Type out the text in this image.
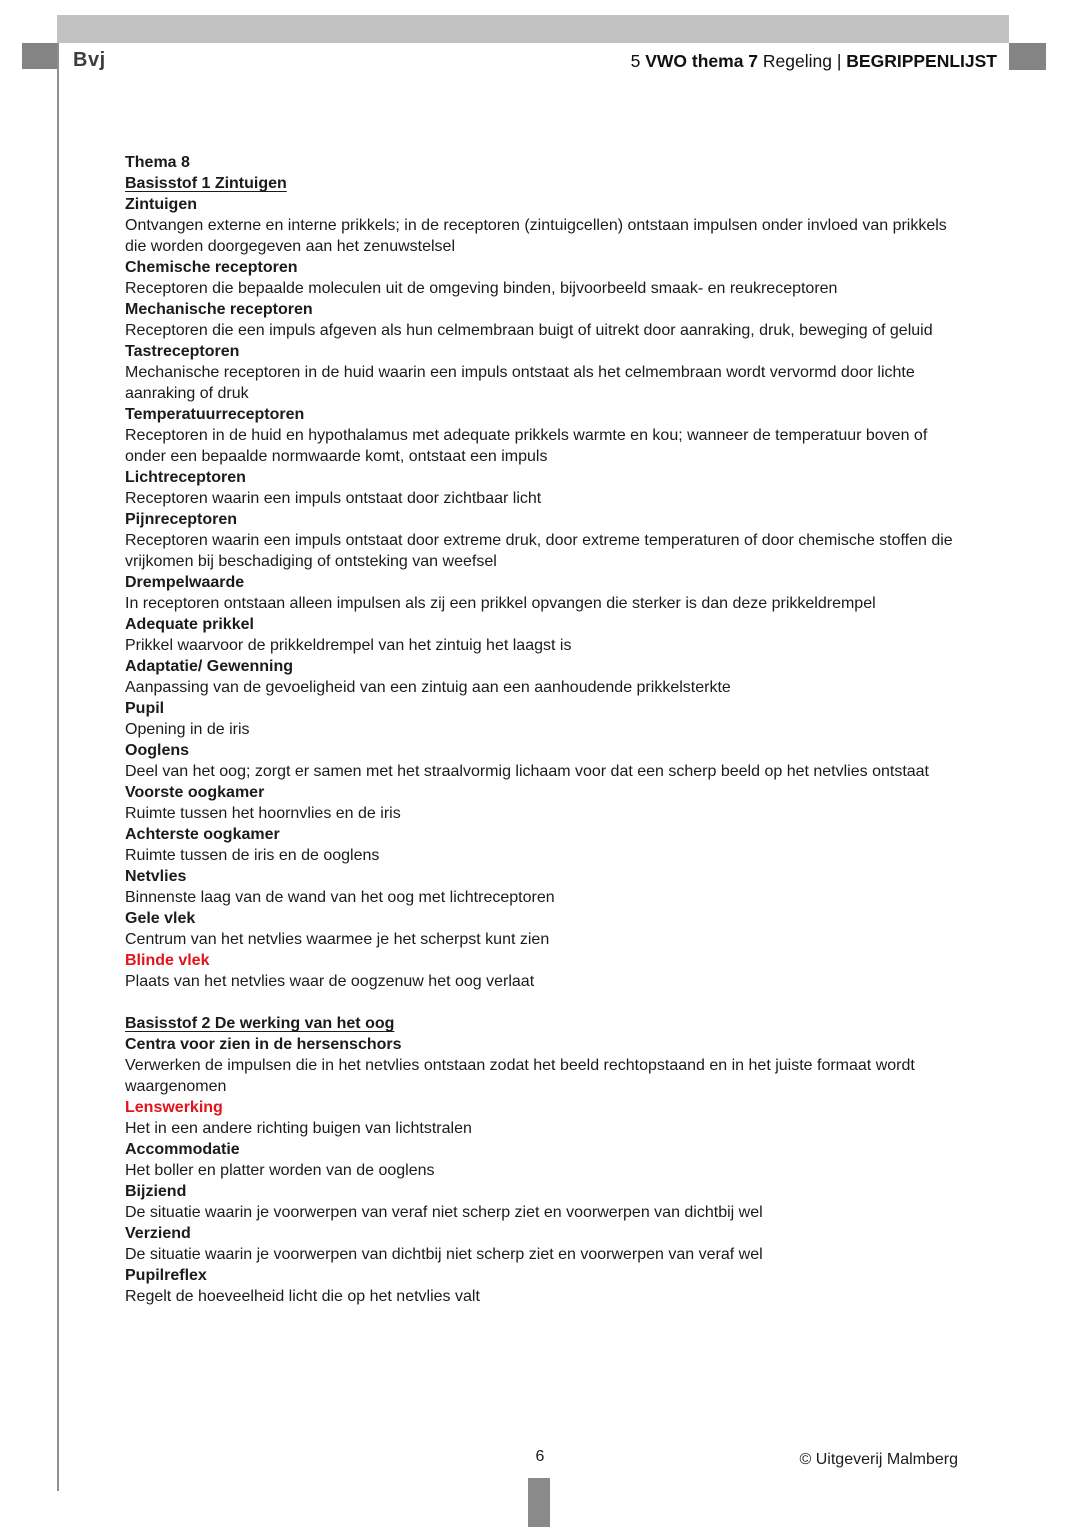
Bvj	5 VWO thema 7 Regeling | BEGRIPPENLIJST
Thema 8
Basisstof 1 Zintuigen
Zintuigen
Ontvangen externe en interne prikkels; in de receptoren (zintuigcellen) ontstaan impulsen onder invloed van prikkels die worden doorgegeven aan het zenuwstelsel
Chemische receptoren
Receptoren die bepaalde moleculen uit de omgeving binden, bijvoorbeeld smaak- en reukreceptoren
Mechanische receptoren
Receptoren die een impuls afgeven als hun celmembraan buigt of uitrekt door aanraking, druk, beweging of geluid
Tastreceptoren
Mechanische receptoren in de huid waarin een impuls ontstaat als het celmembraan wordt vervormd door lichte aanraking of druk
Temperatuurreceptoren
Receptoren in de huid en hypothalamus met adequate prikkels warmte en kou; wanneer de temperatuur boven of onder een bepaalde normwaarde komt, ontstaat een impuls
Lichtreceptoren
Receptoren waarin een impuls ontstaat door zichtbaar licht
Pijnreceptoren
Receptoren waarin een impuls ontstaat door extreme druk, door extreme temperaturen of door chemische stoffen die vrijkomen bij beschadiging of ontsteking van weefsel
Drempelwaarde
In receptoren ontstaan alleen impulsen als zij een prikkel opvangen die sterker is dan deze prikkeldrempel
Adequate prikkel
Prikkel waarvoor de prikkeldrempel van het zintuig het laagst is
Adaptatie/ Gewenning
Aanpassing van de gevoeligheid van een zintuig aan een aanhoudende prikkelsterkte
Pupil
Opening in de iris
Ooglens
Deel van het oog; zorgt er samen met het straalvormig lichaam voor dat een scherp beeld op het netvlies ontstaat
Voorste oogkamer
Ruimte tussen het hoornvlies en de iris
Achterste oogkamer
Ruimte tussen de iris en de ooglens
Netvlies
Binnenste laag van de wand van het oog met lichtreceptoren
Gele vlek
Centrum van het netvlies waarmee je het scherpst kunt zien
Blinde vlek
Plaats van het netvlies waar de oogzenuw het oog verlaat
Basisstof 2 De werking van het oog
Centra voor zien in de hersenschors
Verwerken de impulsen die in het netvlies ontstaan zodat het beeld rechtopstaand en in het juiste formaat wordt waargenomen
Lenswerking
Het in een andere richting buigen van lichtstralen
Accommodatie
Het boller en platter worden van de ooglens
Bijziend
De situatie waarin je voorwerpen van veraf niet scherp ziet en voorwerpen van dichtbij wel
Verziend
De situatie waarin je voorwerpen van dichtbij niet scherp ziet en voorwerpen van veraf wel
Pupilreflex
Regelt de hoeveelheid licht die op het netvlies valt
6	© Uitgeverij Malmberg
